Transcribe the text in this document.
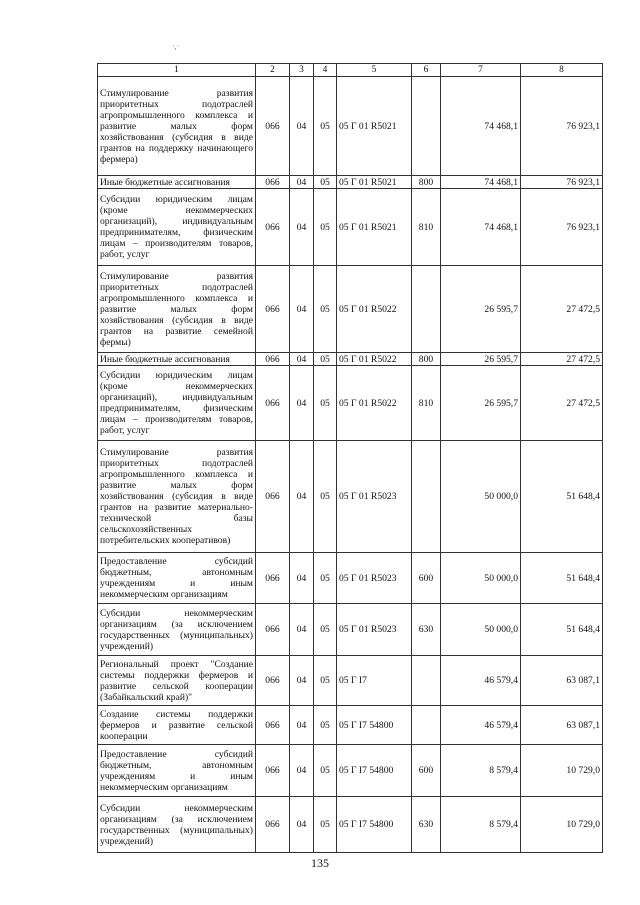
·,·
1	2	3	4	5	6	7	8
Стимулирование развития приоритетных подотраслей агропромышленного комплекса и развитие малых форм хозяйствования (субсидия в виде грантов на поддержку начинающего фермера)	066	04	05	05 Г 01 R5021		74 468,1	76 923,1
Иные бюджетные ассигнования	066	04	05	05 Г 01 R5021	800	74 468,1	76 923,1
Субсидии юридическим лицам (кроме некоммерческих организаций), индивидуальным предпринимателям, физическим лицам – производителям товаров, работ, услуг	066	04	05	05 Г 01 R5021	810	74 468,1	76 923,1
Стимулирование развития приоритетных подотраслей агропромышленного комплекса и развитие малых форм хозяйствования (субсидия в виде грантов на развитие семейной фермы)	066	04	05	05 Г 01 R5022		26 595,7	27 472,5
Иные бюджетные ассигнования	066	04	05	05 Г 01 R5022	800	26 595,7	27 472,5
Субсидии юридическим лицам (кроме некоммерческих организаций), индивидуальным предпринимателям, физическим лицам – производителям товаров, работ, услуг	066	04	05	05 Г 01 R5022	810	26 595,7	27 472,5
Стимулирование развития приоритетных подотраслей агропромышленного комплекса и развитие малых форм хозяйствования (субсидия в виде грантов на развитие материально-технической базы сельскохозяйственных потребительских кооперативов)	066	04	05	05 Г 01 R5023		50 000,0	51 648,4
Предоставление субсидий бюджетным, автономным учреждениям и иным некоммерческим организациям	066	04	05	05 Г 01 R5023	600	50 000,0	51 648,4
Субсидии некоммерческим организациям (за исключением государственных (муниципальных) учреждений)	066	04	05	05 Г 01 R5023	630	50 000,0	51 648,4
Региональный проект "Создание системы поддержки фермеров и развитие сельской кооперации (Забайкальский край)"	066	04	05	05 Г I7		46 579,4	63 087,1
Создание системы поддержки фермеров и развитие сельской кооперации	066	04	05	05 Г I7 54800		46 579,4	63 087,1
Предоставление субсидий бюджетным, автономным учреждениям и иным некоммерческим организациям	066	04	05	05 Г I7 54800	600	8 579,4	10 729,0
Субсидии некоммерческим организациям (за исключением государственных (муниципальных) учреждений)	066	04	05	05 Г I7 54800	630	8 579,4	10 729,0
135
